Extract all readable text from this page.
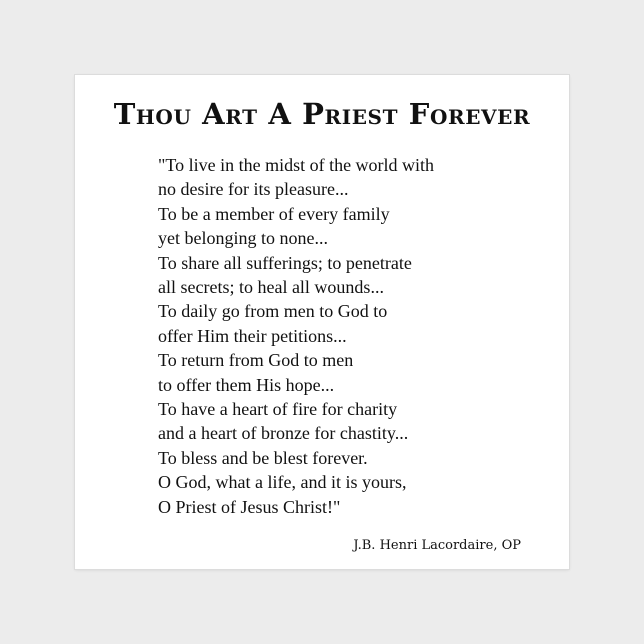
Thou Art A Priest Forever
"To live in the midst of the world with
no desire for its pleasure...
To be a member of every family
yet belonging to none...
To share all sufferings; to penetrate
all secrets; to heal all wounds...
To daily go from men to God to
offer Him their petitions...
To return from God to men
to offer them His hope...
To have a heart of fire for charity
and a heart of bronze for chastity...
To bless and be blest forever.
O God, what a life, and it is yours,
O Priest of Jesus Christ!"

J.B. Henri Lacordaire, OP
